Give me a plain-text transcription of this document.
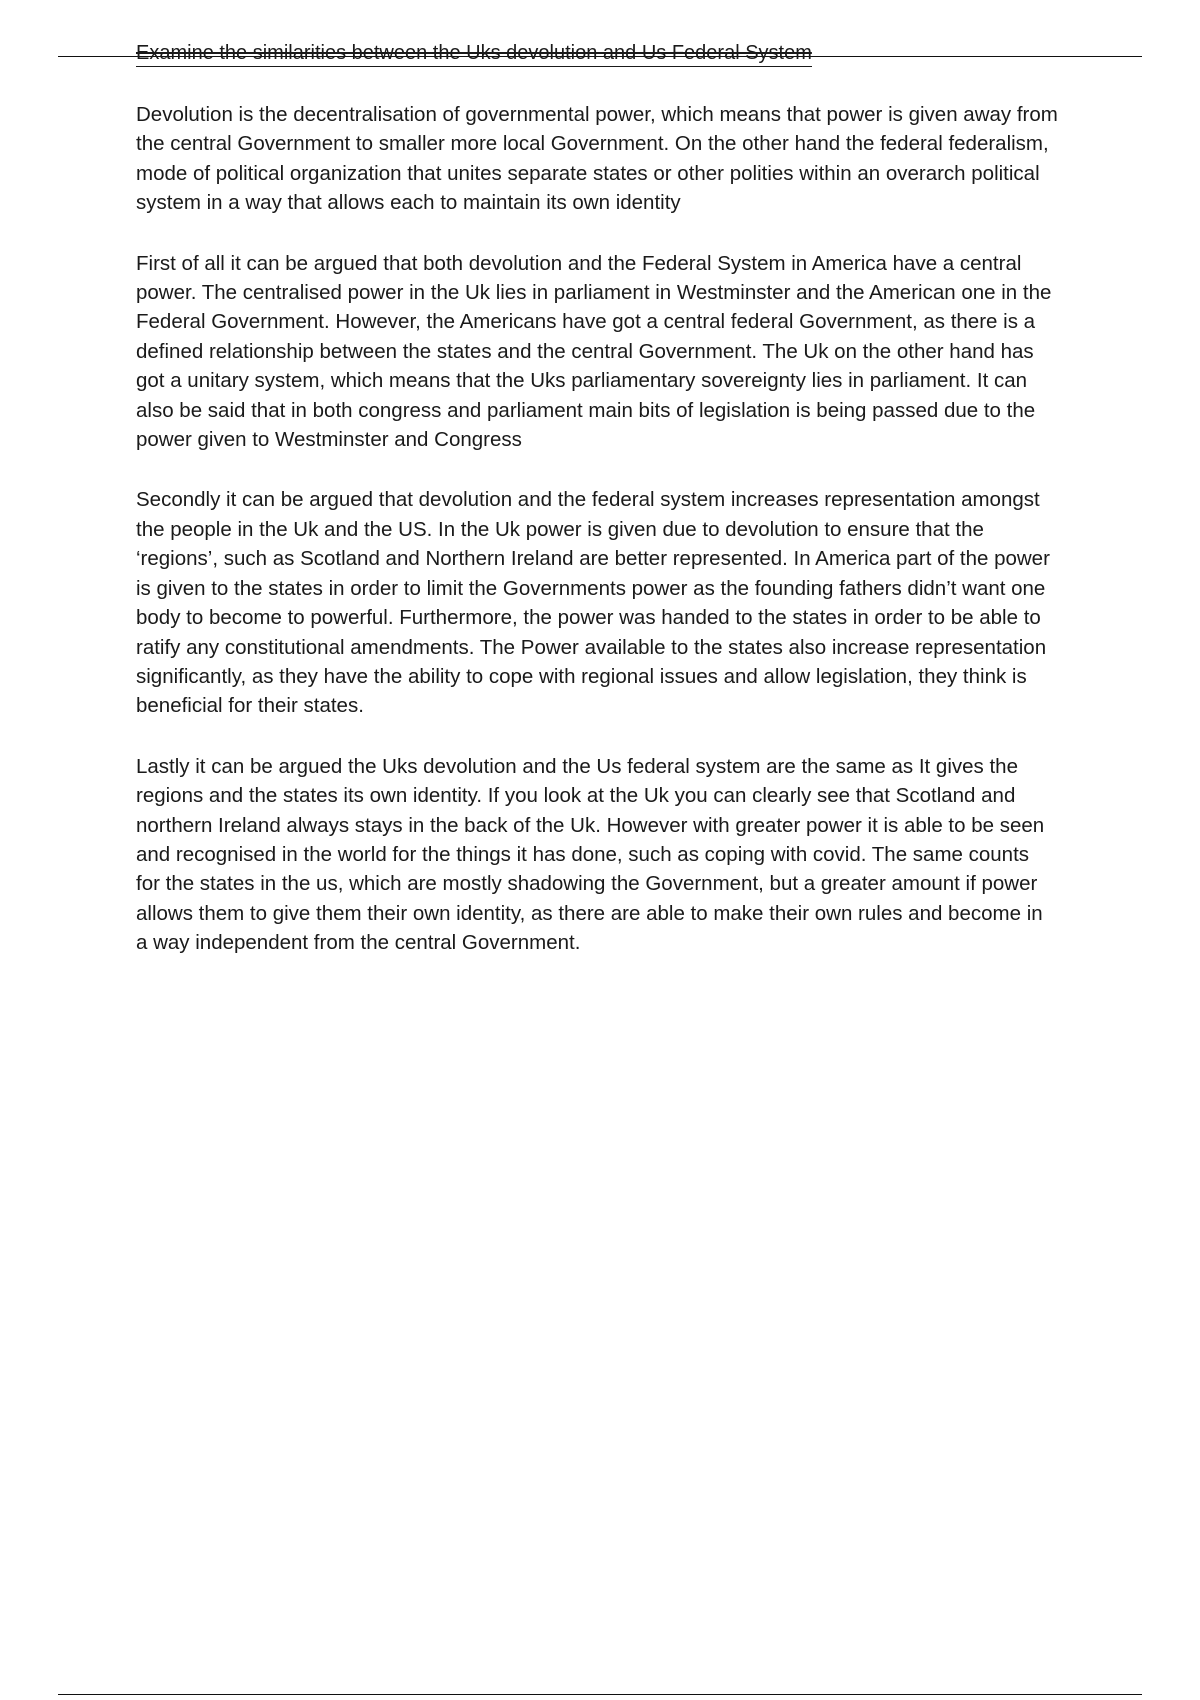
Examine the similarities between the Uks devolution and Us Federal System

Devolution is the decentralisation of governmental power, which means that power is given away from the central Government to smaller more local Government. On the other hand the federal federalism, mode of political organization that unites separate states or other polities within an overarch political system in a way that allows each to maintain its own identity

First of all it can be argued that both devolution and the Federal System in America have a central power. The centralised power in the Uk lies in parliament in Westminster and the American one in the Federal Government. However, the Americans have got a central federal Government, as there is a defined relationship between the states and the central Government. The Uk on the other hand has got a unitary system, which means that the Uks parliamentary sovereignty lies in parliament. It can also be said that in both congress and parliament main bits of legislation is being passed due to the power given to Westminster and Congress

Secondly it can be argued that devolution and the federal system increases representation amongst the people in the Uk and the US. In the Uk power is given due to devolution to ensure that the ‘regions’, such as Scotland and Northern Ireland are better represented. In America part of the power is given to the states in order to limit the Governments power as the founding fathers didn’t want one body to become to powerful. Furthermore, the power was handed to the states in order to be able to ratify any constitutional amendments. The Power available to the states also increase representation significantly, as they have the ability to cope with regional issues and allow legislation, they think is beneficial for their states.

Lastly it can be argued the Uks devolution and the Us federal system are the same as It gives the regions and the states its own identity. If you look at the Uk you can clearly see that Scotland and northern Ireland always stays in the back of the Uk. However with greater power it is able to be seen and recognised in the world for the things it has done, such as coping with covid. The same counts for the states in the us, which are mostly shadowing the Government, but a greater amount if power allows them to give them their own identity, as there are able to make their own rules and become in a way independent from the central Government.
